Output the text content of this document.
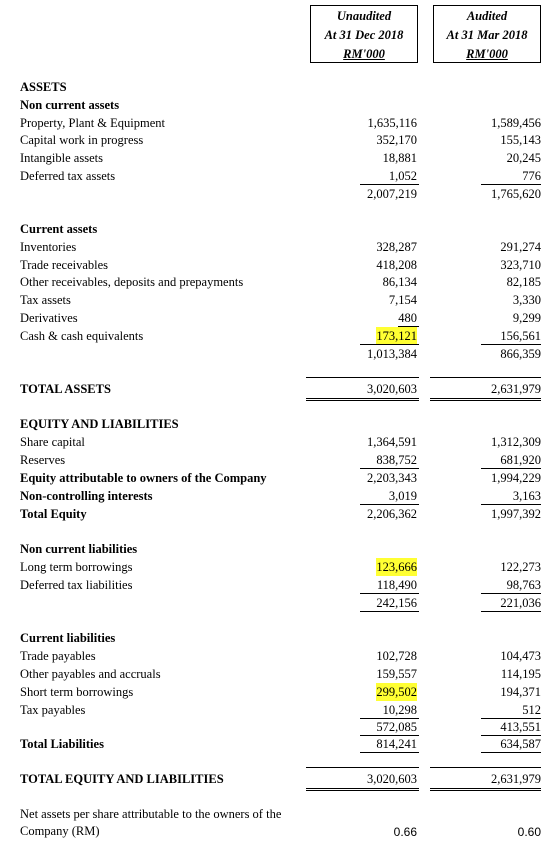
Unaudited
At 31 Dec 2018
RM'000
Audited
At 31 Mar 2018
RM'000
ASSETS
Non current assets
Property, Plant & Equipment	1,635,116	1,589,456
Capital work in progress	352,170	155,143
Intangible assets	18,881	20,245
Deferred tax assets	1,052	776
2,007,219	1,765,620
Current assets
Inventories	328,287	291,274
Trade receivables	418,208	323,710
Other receivables, deposits and prepayments	86,134	82,185
Tax assets	7,154	3,330
Derivatives	480	9,299
Cash & cash equivalents	173,121	156,561
1,013,384	866,359
TOTAL ASSETS	3,020,603	2,631,979
EQUITY AND LIABILITIES
Share capital	1,364,591	1,312,309
Reserves	838,752	681,920
Equity attributable to owners of the Company	2,203,343	1,994,229
Non-controlling interests	3,019	3,163
Total Equity	2,206,362	1,997,392
Non current liabilities
Long term borrowings	123,666	122,273
Deferred tax liabilities	118,490	98,763
242,156	221,036
Current liabilities
Trade payables	102,728	104,473
Other payables and accruals	159,557	114,195
Short term borrowings	299,502	194,371
Tax payables	10,298	512
572,085	413,551
Total Liabilities	814,241	634,587
TOTAL EQUITY AND LIABILITIES	3,020,603	2,631,979
Net assets per share attributable to the owners of the Company (RM)	0.66	0.60
